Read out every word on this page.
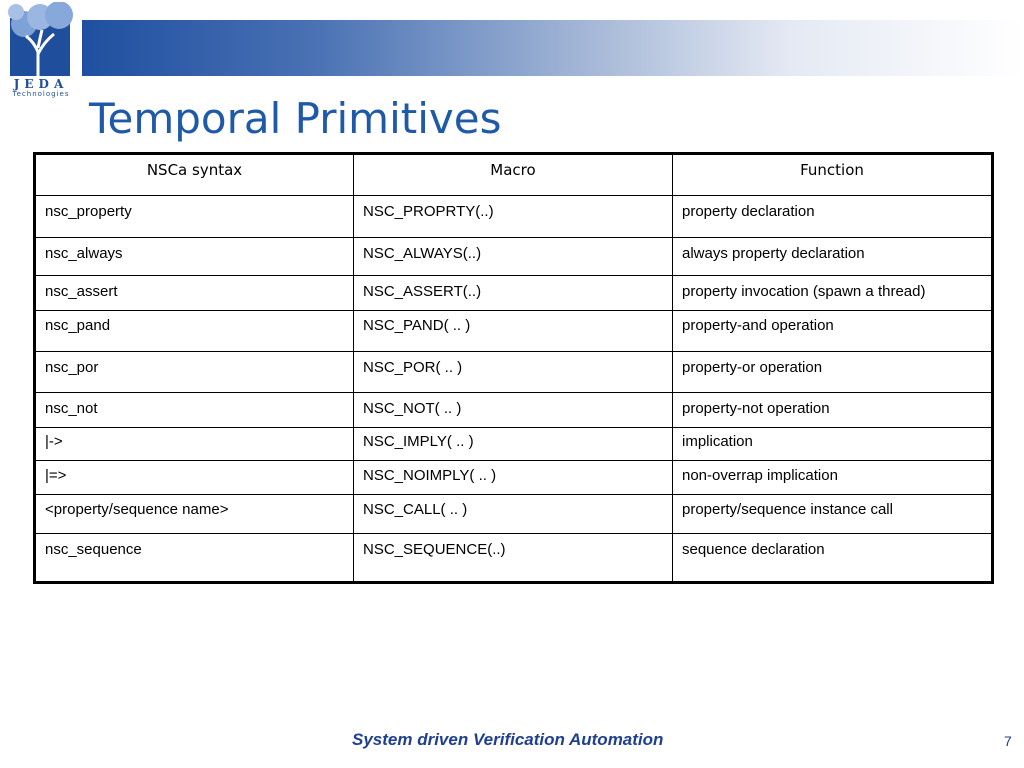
JEDA
Technologies Temporal Primitives
NSCa syntax	Macro	Function
nsc_property	NSC_PROPRTY(..)	property declaration
nsc_always	NSC_ALWAYS(..)	always property declaration
nsc_assert	NSC_ASSERT(..)	property invocation (spawn a thread)
nsc_pand	NSC_PAND( .. )	property-and operation
nsc_por	NSC_POR( .. )	property-or operation
nsc_not	NSC_NOT( .. )	property-not operation
|->	NSC_IMPLY( .. )	implication
|=>	NSC_NOIMPLY( .. )	non-overrap implication
<property/sequence name>	NSC_CALL( .. )	property/sequence instance call
nsc_sequence	NSC_SEQUENCE(..)	sequence declaration
System driven Verification Automation	7
